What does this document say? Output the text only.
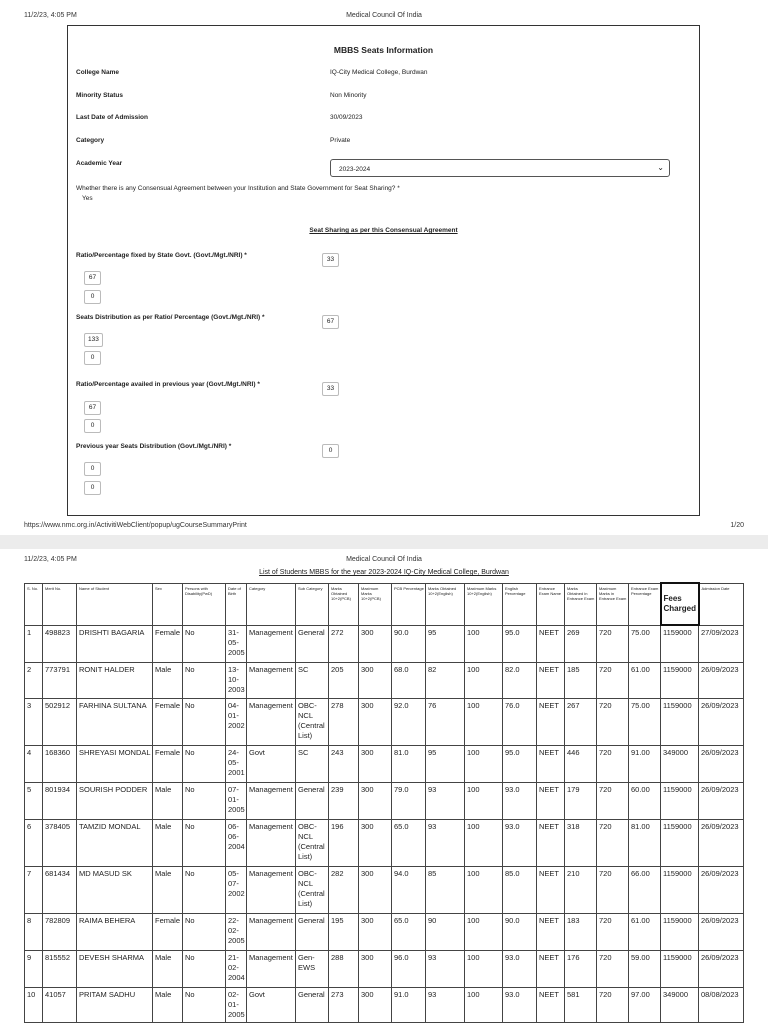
11/2/23, 4:05 PM	Medical Council Of India
MBBS Seats Information
College Name	IQ-City Medical College, Burdwan
Minority Status	Non Minority
Last Date of Admission	30/09/2023
Category	Private
Academic Year
2023-2024	⌄
Whether there is any Consensual Agreement between your Institution and State Government for Seat Sharing? *
Yes
Seat Sharing as per this Consensual Agreement
Ratio/Percentage fixed by State Govt. (Govt./Mgt./NRI) *
33
67
0
Seats Distribution as per Ratio/ Percentage (Govt./Mgt./NRI) *
67
133
0
Ratio/Percentage availed in previous year (Govt./Mgt./NRI) *
33
67
0
Previous year Seats Distribution (Govt./Mgt./NRI) *
0
0
0
https://www.nmc.org.in/ActivitiWebClient/popup/ugCourseSummaryPrint	1/20
11/2/23, 4:05 PM	Medical Council Of India
List of Students MBBS for the year 2023-2024 IQ-City Medical College, Burdwan
S. No.	Merit No.	Name of Student	Sex	Persons with Disability(PwD)	Date of Birth	Category	Sub Category	Marks Obtained 10+2(PCB)	Maximum Marks 10+2(PCB)	PCB Percentage	Marks Obtained 10+2(English)	Maximum Marks 10+2(English)	English Percentage	Entrance Exam Name	Marks Obtained in Entrance Exam	Maximum Marks in Entrance Exam	Entrance Exam Percentage	Fees Charged	Admission Date
1	498823	DRISHTI BAGARIA	Female	No	31-05-2005	Management	General	272	300	90.0	95	100	95.0	NEET	269	720	75.00	1159000	27/09/2023
2	773791	RONIT HALDER	Male	No	13-10-2003	Management	SC	205	300	68.0	82	100	82.0	NEET	185	720	61.00	1159000	26/09/2023
3	502912	FARHINA SULTANA	Female	No	04-01-2002	Management	OBC-NCL (Central List)	278	300	92.0	76	100	76.0	NEET	267	720	75.00	1159000	26/09/2023
4	168360	SHREYASI MONDAL	Female	No	24-05-2001	Govt	SC	243	300	81.0	95	100	95.0	NEET	446	720	91.00	349000	26/09/2023
5	801934	SOURISH PODDER	Male	No	07-01-2005	Management	General	239	300	79.0	93	100	93.0	NEET	179	720	60.00	1159000	26/09/2023
6	378405	TAMZID MONDAL	Male	No	06-06-2004	Management	OBC-NCL (Central List)	196	300	65.0	93	100	93.0	NEET	318	720	81.00	1159000	26/09/2023
7	681434	MD MASUD SK	Male	No	05-07-2002	Management	OBC-NCL (Central List)	282	300	94.0	85	100	85.0	NEET	210	720	66.00	1159000	26/09/2023
8	782809	RAIMA BEHERA	Female	No	22-02-2005	Management	General	195	300	65.0	90	100	90.0	NEET	183	720	61.00	1159000	26/09/2023
9	815552	DEVESH SHARMA	Male	No	21-02-2004	Management	Gen-EWS	288	300	96.0	93	100	93.0	NEET	176	720	59.00	1159000	26/09/2023
10	41057	PRITAM SADHU	Male	No	02-01-2005	Govt	General	273	300	91.0	93	100	93.0	NEET	581	720	97.00	349000	08/08/2023
